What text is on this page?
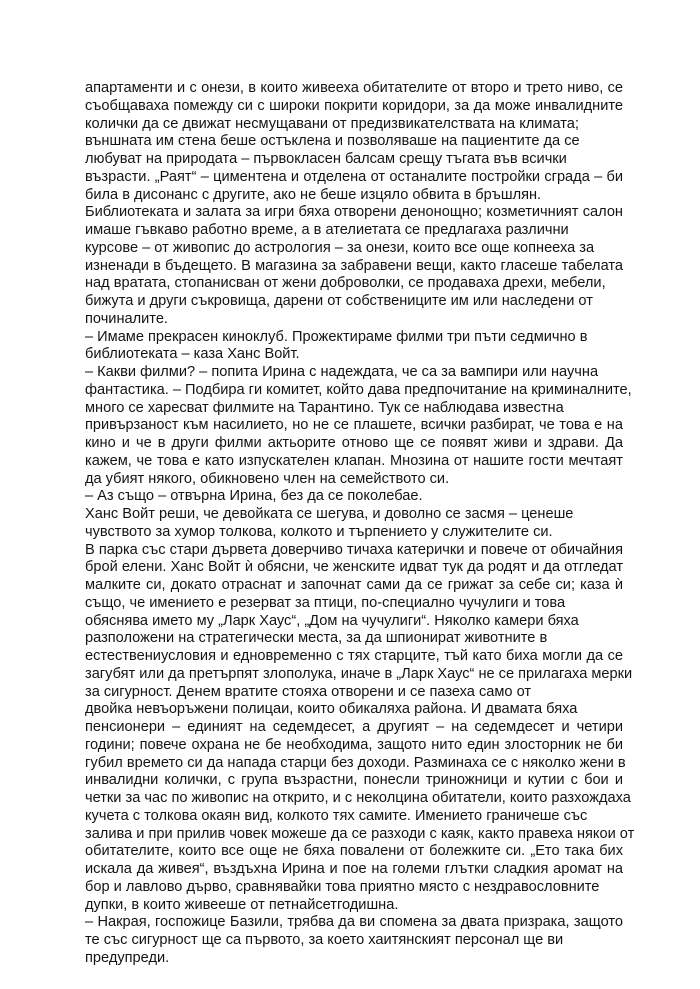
апартаменти и с онези, в които живееха обитателите от второ и трето ниво, се
съобщаваха помежду си с широки покрити коридори, за да може инвалидните
колички да се движат несмущавани от предизвикателствата на климата;
външната им стена беше остъклена и позволяваше на пациентите да се
любуват на природата – първокласен балсам срещу тъгата във всички
възрасти. „Раят“ – циментена и отделена от останалите постройки сграда – би
била в дисонанс с другите, ако не беше изцяло обвита в бръшлян.
Библиотеката и залата за игри бяха отворени денонощно; козметичният салон
имаше гъвкаво работно време, а в ателиетата се предлагаха различни
курсове – от живопис до астрология – за онези, които все още копнееха за
изненади в бъдещето. В магазина за забравени вещи, както гласеше табелата
над вратата, стопанисван от жени доброволки, се продаваха дрехи, мебели,
бижута и други съкровища, дарени от собствениците им или наследени от
починалите.
– Имаме прекрасен киноклуб. Прожектираме филми три пъти седмично в
библиотеката – каза Ханс Войт.
– Какви филми? – попита Ирина с надеждата, че са за вампири или научна
фантастика. – Подбира ги комитет, който дава предпочитание на криминалните,
много се харесват филмите на Тарантино. Тук се наблюдава известна
привързаност към насилието, но не се плашете, всички разбират, че това е на
кино и че в други филми актьорите отново ще се появят живи и здрави. Да
кажем, че това е като изпускателен клапан. Мнозина от нашите гости мечтаят
да убият някого, обикновено член на семейството си.
– Аз също – отвърна Ирина, без да се поколебае.
Ханс Войт реши, че девойката се шегува, и доволно се засмя – ценеше
чувството за хумор толкова, колкото и търпението у служителите си.
В парка със стари дървета доверчиво тичаха катерички и повече от обичайния
брой елени. Ханс Войт ѝ обясни, че женските идват тук да родят и да отгледат
малките си, докато отраснат и започнат сами да се грижат за себе си; каза ѝ
също, че имението е резерват за птици, по-специално чучулиги и това
обяснява името му „Ларк Хаус“, „Дом на чучулиги“. Няколко камери бяха
разположени на стратегически места, за да шпионират животните в
естествениусловия и едновременно с тях старците, тъй като биха могли да се
загубят или да претърпят злополука, иначе в „Ларк Хаус“ не се прилагаха мерки
за сигурност. Денем вратите стояха отворени и се пазеха само от
двойка невъоръжени полицаи, които обикаляха района. И двамата бяха
пенсионери – единият на седемдесет, а другият – на седемдесет и четири
години; повече охрана не бе необходима, защото нито един злосторник не би
губил времето си да напада старци без доходи. Разминаха се с няколко жени в
инвалидни колички, с група възрастни, понесли триножници и кутии с бои и
четки за час по живопис на открито, и с неколцина обитатели, които разхождаха
кучета с толкова окаян вид, колкото тях самите. Имението граничеше със
залива и при прилив човек можеше да се разходи с каяк, както правеха някои от
обитателите, които все още не бяха повалени от болежките си. „Ето така бих
искала да живея“, въздъхна Ирина и пое на големи глътки сладкия аромат на
бор и лавлово дърво, сравнявайки това приятно място с нездравословните
дупки, в които живееше от петнайсетгодишна.
– Накрая, госпожице Базили, трябва да ви спомена за двата призрака, защото
те със сигурност ще са първото, за което хаитянският персонал ще ви
предупреди.
